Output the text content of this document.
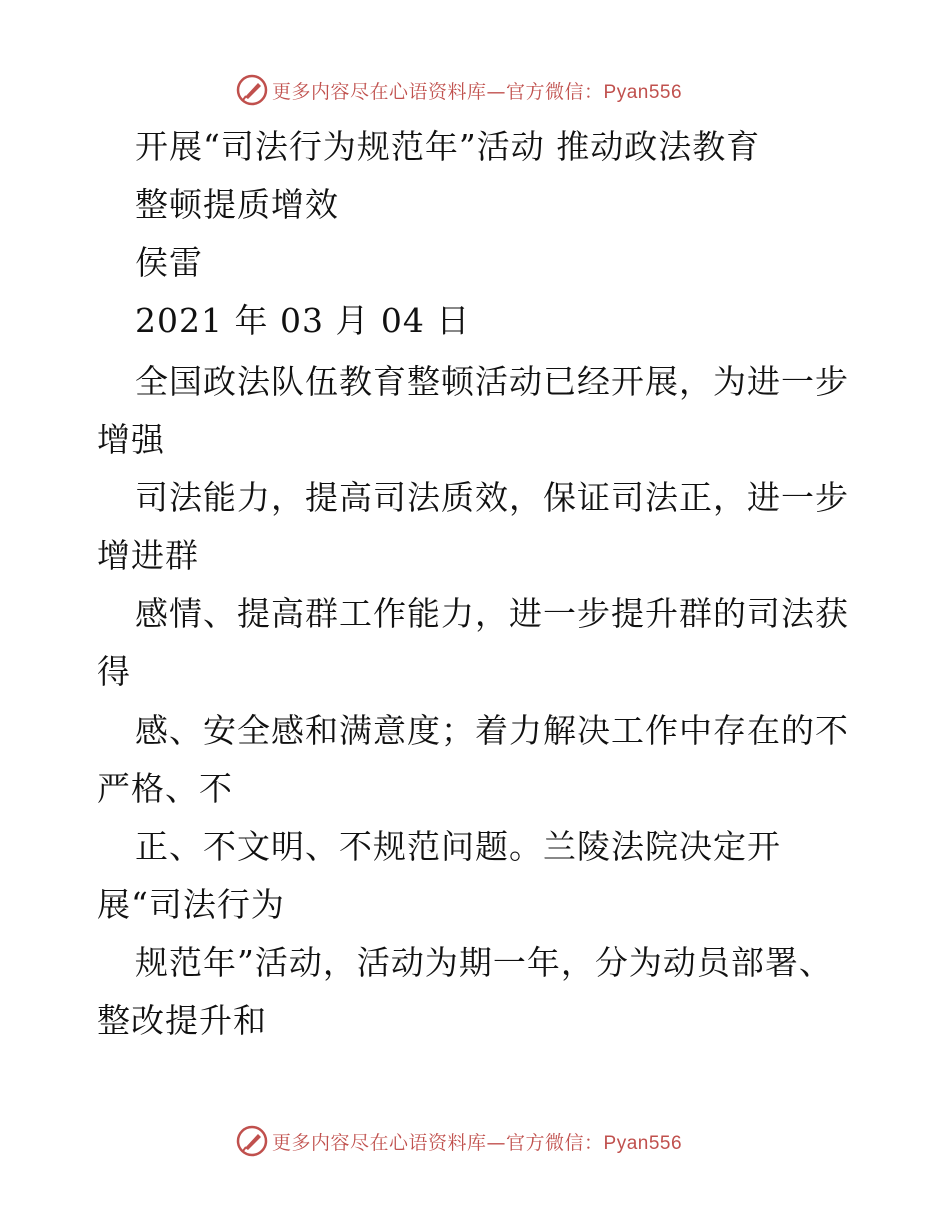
更多内容尽在心语资料库—官方微信：Pyan556
开展“司法行为规范年”活动 推动政法教育
整顿提质增效
侯雷
2021 年 03 月 04 日
全国政法队伍教育整顿活动已经开展，为进一步
增强
司法能力，提高司法质效，保证司法正，进一步
增进群
感情、提高群工作能力，进一步提升群的司法获
得
感、安全感和满意度；着力解决工作中存在的不
严格、不
正、不文明、不规范问题。兰陵法院决定开
展“司法行为
规范年”活动，活动为期一年，分为动员部署、
整改提升和
更多内容尽在心语资料库—官方微信：Pyan556
